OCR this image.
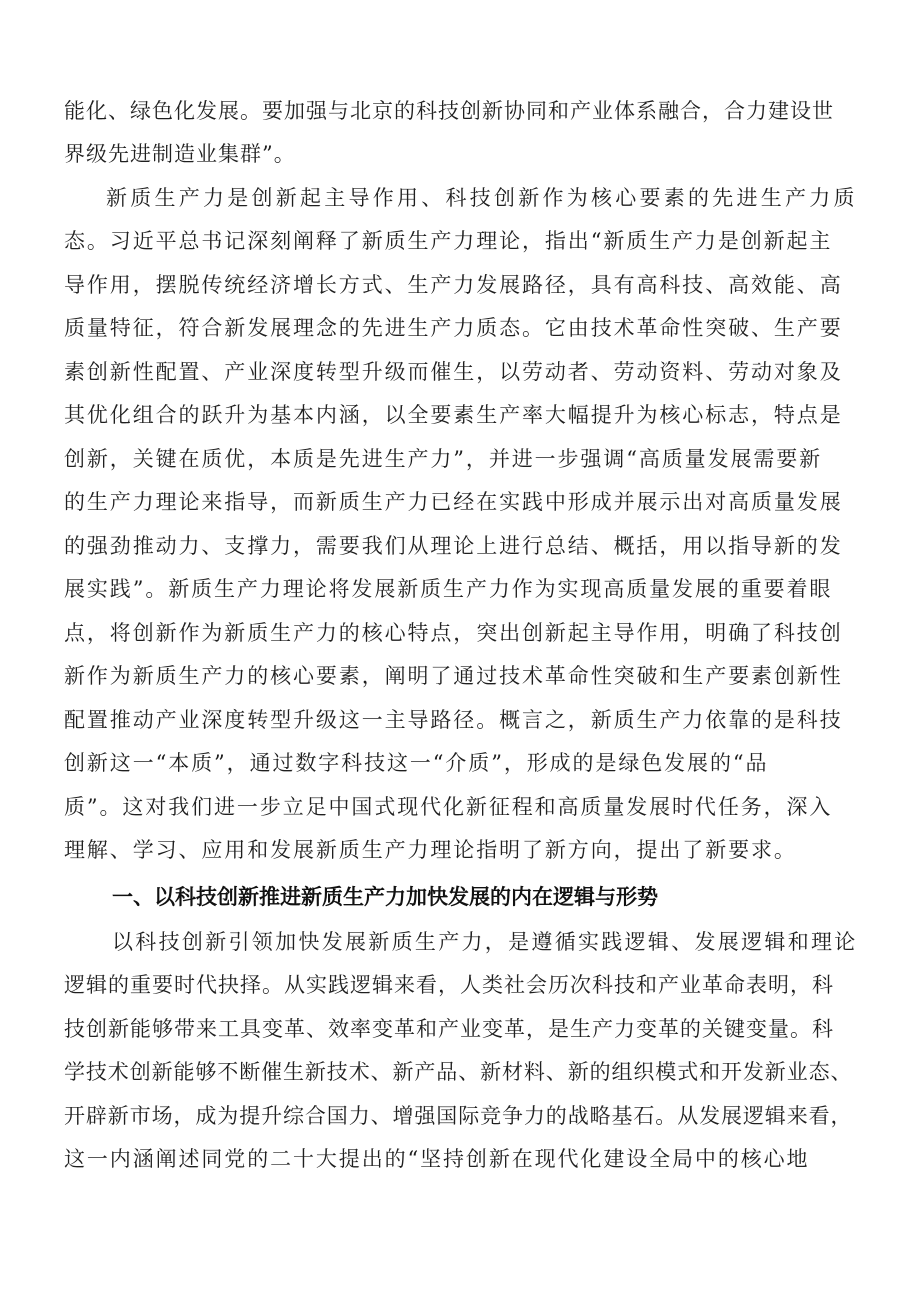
能化、绿色化发展。要加强与北京的科技创新协同和产业体系融合，合力建设世
界级先进制造业集群”。
新质生产力是创新起主导作用、科技创新作为核心要素的先进生产力质
态。习近平总书记深刻阐释了新质生产力理论，指出“新质生产力是创新起主
导作用，摆脱传统经济增长方式、生产力发展路径，具有高科技、高效能、高
质量特征，符合新发展理念的先进生产力质态。它由技术革命性突破、生产要
素创新性配置、产业深度转型升级而催生，以劳动者、劳动资料、劳动对象及
其优化组合的跃升为基本内涵，以全要素生产率大幅提升为核心标志，特点是
创新，关键在质优，本质是先进生产力”，并进一步强调“高质量发展需要新
的生产力理论来指导，而新质生产力已经在实践中形成并展示出对高质量发展
的强劲推动力、支撑力，需要我们从理论上进行总结、概括，用以指导新的发
展实践”。新质生产力理论将发展新质生产力作为实现高质量发展的重要着眼
点，将创新作为新质生产力的核心特点，突出创新起主导作用，明确了科技创
新作为新质生产力的核心要素，阐明了通过技术革命性突破和生产要素创新性
配置推动产业深度转型升级这一主导路径。概言之，新质生产力依靠的是科技
创新这一“本质”，通过数字科技这一“介质”，形成的是绿色发展的“品
质”。这对我们进一步立足中国式现代化新征程和高质量发展时代任务，深入
理解、学习、应用和发展新质生产力理论指明了新方向，提出了新要求。
一、以科技创新推进新质生产力加快发展的内在逻辑与形势
以科技创新引领加快发展新质生产力，是遵循实践逻辑、发展逻辑和理论
逻辑的重要时代抉择。从实践逻辑来看，人类社会历次科技和产业革命表明，科
技创新能够带来工具变革、效率变革和产业变革，是生产力变革的关键变量。科
学技术创新能够不断催生新技术、新产品、新材料、新的组织模式和开发新业态、
开辟新市场，成为提升综合国力、增强国际竞争力的战略基石。从发展逻辑来看，
这一内涵阐述同党的二十大提出的“坚持创新在现代化建设全局中的核心地
